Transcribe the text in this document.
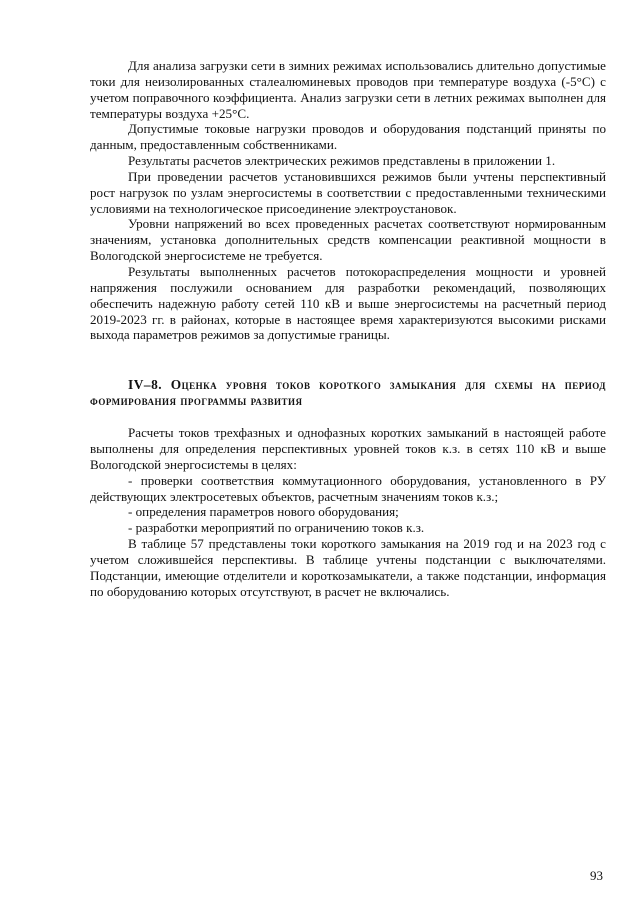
Для анализа загрузки сети в зимних режимах использовались длительно допустимые токи для неизолированных сталеалюминевых проводов при температуре воздуха (-5°С) с учетом поправочного коэффициента. Анализ загрузки сети в летних режимах выполнен для температуры воздуха +25°С.

Допустимые токовые нагрузки проводов и оборудования подстанций приняты по данным, предоставленным собственниками.

Результаты расчетов электрических режимов представлены в приложении 1.

При проведении расчетов установившихся режимов были учтены перспективный рост нагрузок по узлам энергосистемы в соответствии с предоставленными техническими условиями на технологическое присоединение электроустановок.

Уровни напряжений во всех проведенных расчетах соответствуют нормированным значениям, установка дополнительных средств компенсации реактивной мощности в Вологодской энергосистеме не требуется.

Результаты выполненных расчетов потокораспределения мощности и уровней напряжения послужили основанием для разработки рекомендаций, позволяющих обеспечить надежную работу сетей 110 кВ и выше энергосистемы на расчетный период 2019-2023 гг. в районах, которые в настоящее время характеризуются высокими рисками выхода параметров режимов за допустимые границы.

IV–8. Оценка уровня токов короткого замыкания для схемы на период формирования программы развития

Расчеты токов трехфазных и однофазных коротких замыканий в настоящей работе выполнены для определения перспективных уровней токов к.з. в сетях 110 кВ и выше Вологодской энергосистемы в целях:

- проверки соответствия коммутационного оборудования, установленного в РУ действующих электросетевых объектов, расчетным значениям токов к.з.;

- определения параметров нового оборудования;

- разработки мероприятий по ограничению токов к.з.

В таблице 57 представлены токи короткого замыкания на 2019 год и на 2023 год с учетом сложившейся перспективы. В таблице учтены подстанции с выключателями. Подстанции, имеющие отделители и короткозамыкатели, а также подстанции, информация по оборудованию которых отсутствуют, в расчет не включались.

93
